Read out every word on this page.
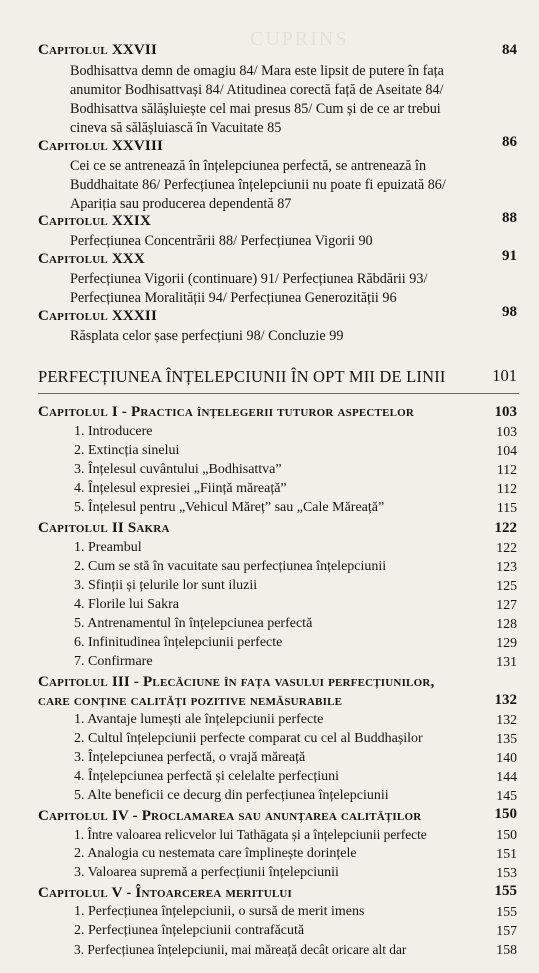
CUPRINS
Capitolul XXVII	84
Bodhisattva demn de omagiu 84/ Mara este lipsit de putere în fața
anumitor Bodhisattvași 84/ Atitudinea corectă față de Aseitate 84/
Bodhisattva sălășluiește cel mai presus 85/ Cum și de ce ar trebui
cineva să sălășluiască în Vacuitate 85
Capitolul XXVIII	86
Cei ce se antrenează în înțelepciunea perfectă, se antrenează în
Buddhaitate 86/ Perfecțiunea înțelepciunii nu poate fi epuizată 86/
Apariția sau producerea dependentă 87
Capitolul XXIX	88
Perfecțiunea Concentrării 88/ Perfecțiunea Vigorii 90
Capitolul XXX	91
Perfecțiunea Vigorii (continuare) 91/ Perfecțiunea Răbdării 93/
Perfecțiunea Moralității 94/ Perfecțiunea Generozității 96
Capitolul XXXII	98
Răsplata celor șase perfecțiuni 98/ Concluzie 99
PERFECȚIUNEA ÎNȚELEPCIUNII ÎN OPT MII DE LINII	101
Capitolul I - Practica înțelegerii tuturor aspectelor	103
1. Introducere	103
2. Extincția sinelui	104
3. Înțelesul cuvântului „Bodhisattva”	112
4. Înțelesul expresiei „Ființă măreață”	112
5. Înțelesul pentru „Vehicul Măreț” sau „Cale Măreață”	115
Capitolul II Sakra	122
1. Preambul	122
2. Cum se stă în vacuitate sau perfecțiunea înțelepciunii	123
3. Sfinții și țelurile lor sunt iluzii	125
4. Florile lui Sakra	127
5. Antrenamentul în înțelepciunea perfectă	128
6. Infinitudinea înțelepciunii perfecte	129
7. Confirmare	131
Capitolul III - Plecăciune în fața vasului perfecțiunilor,
care conține calități pozitive nemăsurabile	132
1. Avantaje lumești ale înțelepciunii perfecte	132
2. Cultul înțelepciunii perfecte comparat cu cel al Buddhașilor	135
3. Înțelepciunea perfectă, o vrajă măreață	140
4. Înțelepciunea perfectă și celelalte perfecțiuni	144
5. Alte beneficii ce decurg din perfecțiunea înțelepciunii	145
Capitolul IV - Proclamarea sau anunțarea calităților	150
1. Între valoarea relicvelor lui Tathāgata și a înțelepciunii perfecte	150
2. Analogia cu nestemata care împlinește dorințele	151
3. Valoarea supremă a perfecțiunii înțelepciunii	153
Capitolul V - Întoarcerea meritului	155
1. Perfecțiunea înțelepciunii, o sursă de merit imens	155
2. Perfecțiunea înțelepciunii contrafăcută	157
3. Perfecțiunea înțelepciunii, mai măreață decât oricare alt dar	158
